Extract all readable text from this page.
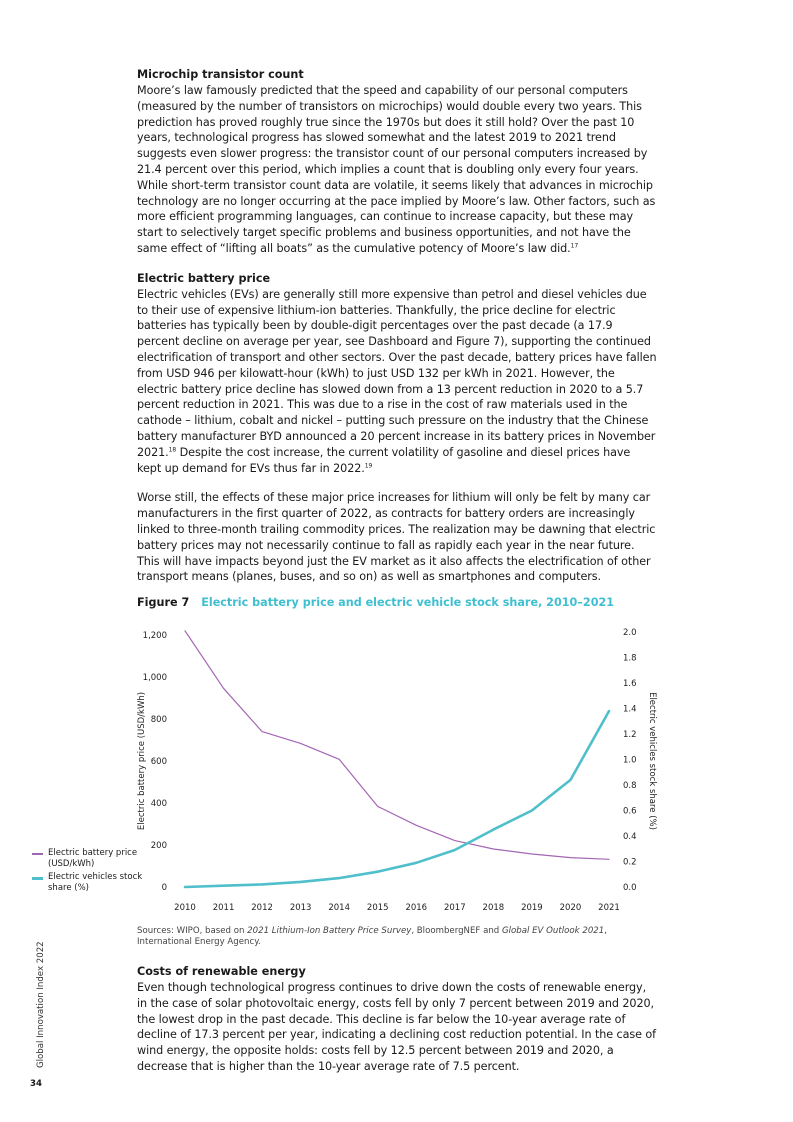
Microchip transistor count

Moore’s law famously predicted that the speed and capability of our personal computers (measured by the number of transistors on microchips) would double every two years. This prediction has proved roughly true since the 1970s but does it still hold? Over the past 10 years, technological progress has slowed somewhat and the latest 2019 to 2021 trend suggests even slower progress: the transistor count of our personal computers increased by 21.4 percent over this period, which implies a count that is doubling only every four years. While short-term transistor count data are volatile, it seems likely that advances in microchip technology are no longer occurring at the pace implied by Moore’s law. Other factors, such as more efficient programming languages, can continue to increase capacity, but these may start to selectively target specific problems and business opportunities, and not have the same effect of “lifting all boats” as the cumulative potency of Moore’s law did.$^{17}$

Electric battery price

Electric vehicles (EVs) are generally still more expensive than petrol and diesel vehicles due to their use of expensive lithium-ion batteries. Thankfully, the price decline for electric batteries has typically been by double-digit percentages over the past decade (a 17.9 percent decline on average per year, see Dashboard and Figure 7), supporting the continued electrification of transport and other sectors. Over the past decade, battery prices have fallen from USD 946 per kilowatt-hour (kWh) to just USD 132 per kWh in 2021. However, the electric battery price decline has slowed down from a 13 percent reduction in 2020 to a 5.7 percent reduction in 2021. This was due to a rise in the cost of raw materials used in the cathode – lithium, cobalt and nickel – putting such pressure on the industry that the Chinese battery manufacturer BYD announced a 20 percent increase in its battery prices in November 2021.18 Despite the cost increase, the current volatility of gasoline and diesel prices have kept up demand for EVs thus far in 2022.19

Worse still, the effects of these major price increases for lithium will only be felt by many car manufacturers in the first quarter of 2022, as contracts for battery orders are increasingly linked to three-month trailing commodity prices. The realization may be dawning that electric battery prices may not necessarily continue to fall as rapidly each year in the near future. This will have impacts beyond just the EV market as it also affects the electrification of other transport means (planes, buses, and so on) as well as smartphones and computers.

Figure 7 Electric battery price and electric vehicle stock share, 2010–2021
0
200
400
600
800
1,000
1,200
0.0
0.2
0.4
0.6
0.8
1.0
1.2
1.4
1.6
1.8
2.0
2010 2011 2012 2013 2014 2015 2016 2017 2018 2019 2020 2021
Electric battery price (USD/kWh)	Electric vehicles stock share (%)
Electric battery price (USD/kWh)
Electric vehicles stock share (%)
Sources: WIPO, based on 2021 Lithium-Ion Battery Price Survey, BloombergNEF and Global EV Outlook 2021, International Energy Agency.

Costs of renewable energy

Even though technological progress continues to drive down the costs of renewable energy, in the case of solar photovoltaic energy, costs fell by only 7 percent between 2019 and 2020, the lowest drop in the past decade. This decline is far below the 10-year average rate of decline of 17.3 percent per year, indicating a declining cost reduction potential. In the case of wind energy, the opposite holds: costs fell by 12.5 percent between 2019 and 2020, a decrease that is higher than the 10-year average rate of 7.5 percent.

Global Innovation Index 2022
34
